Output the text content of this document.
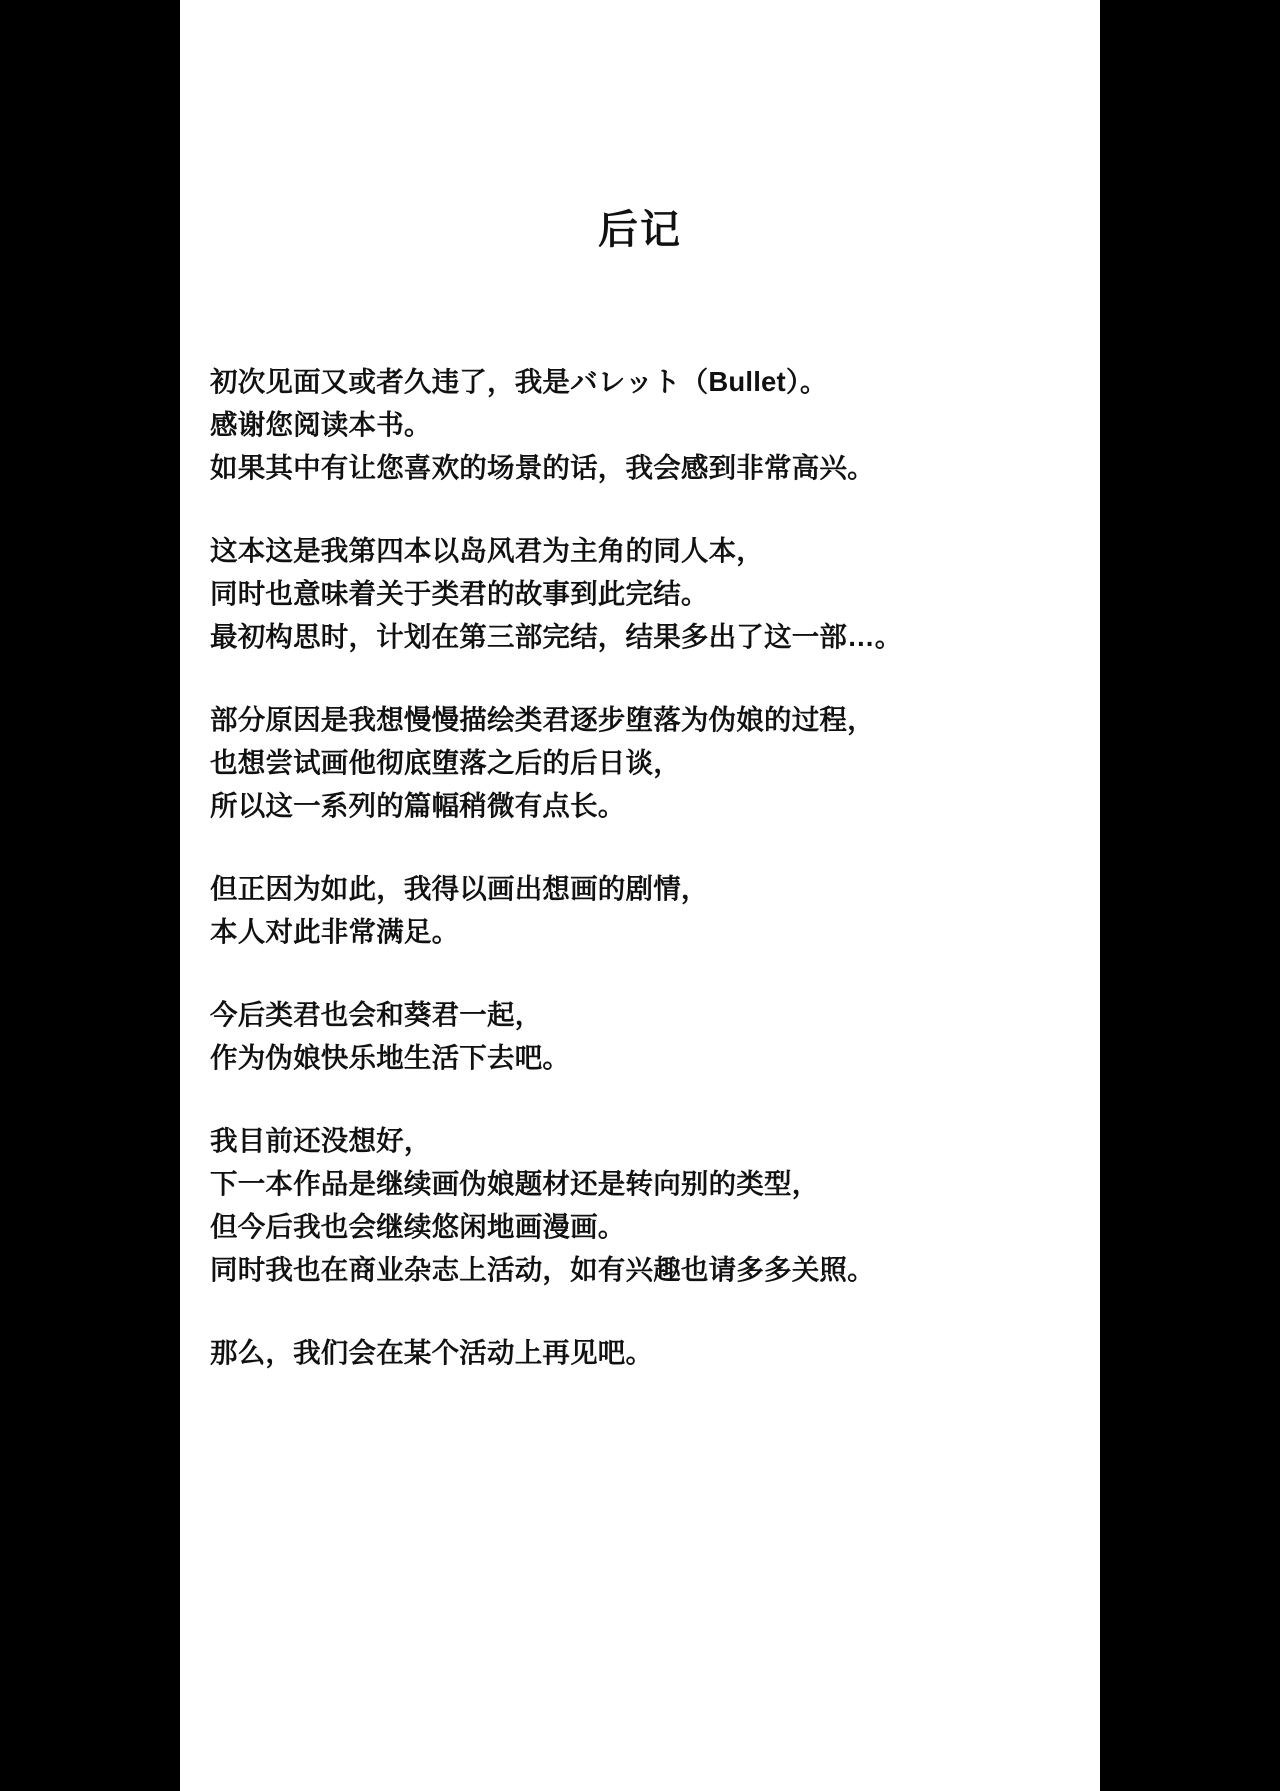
后记

初次见面又或者久违了，我是バレット（Bullet）。
感谢您阅读本书。
如果其中有让您喜欢的场景的话，我会感到非常高兴。

这本这是我第四本以岛风君为主角的同人本，
同时也意味着关于类君的故事到此完结。
最初构思时，计划在第三部完结，结果多出了这一部…。

部分原因是我想慢慢描绘类君逐步堕落为伪娘的过程，
也想尝试画他彻底堕落之后的后日谈，
所以这一系列的篇幅稍微有点长。

但正因为如此，我得以画出想画的剧情，
本人对此非常满足。

今后类君也会和葵君一起，
作为伪娘快乐地生活下去吧。

我目前还没想好，
下一本作品是继续画伪娘题材还是转向别的类型，
但今后我也会继续悠闲地画漫画。
同时我也在商业杂志上活动，如有兴趣也请多多关照。

那么，我们会在某个活动上再见吧。
